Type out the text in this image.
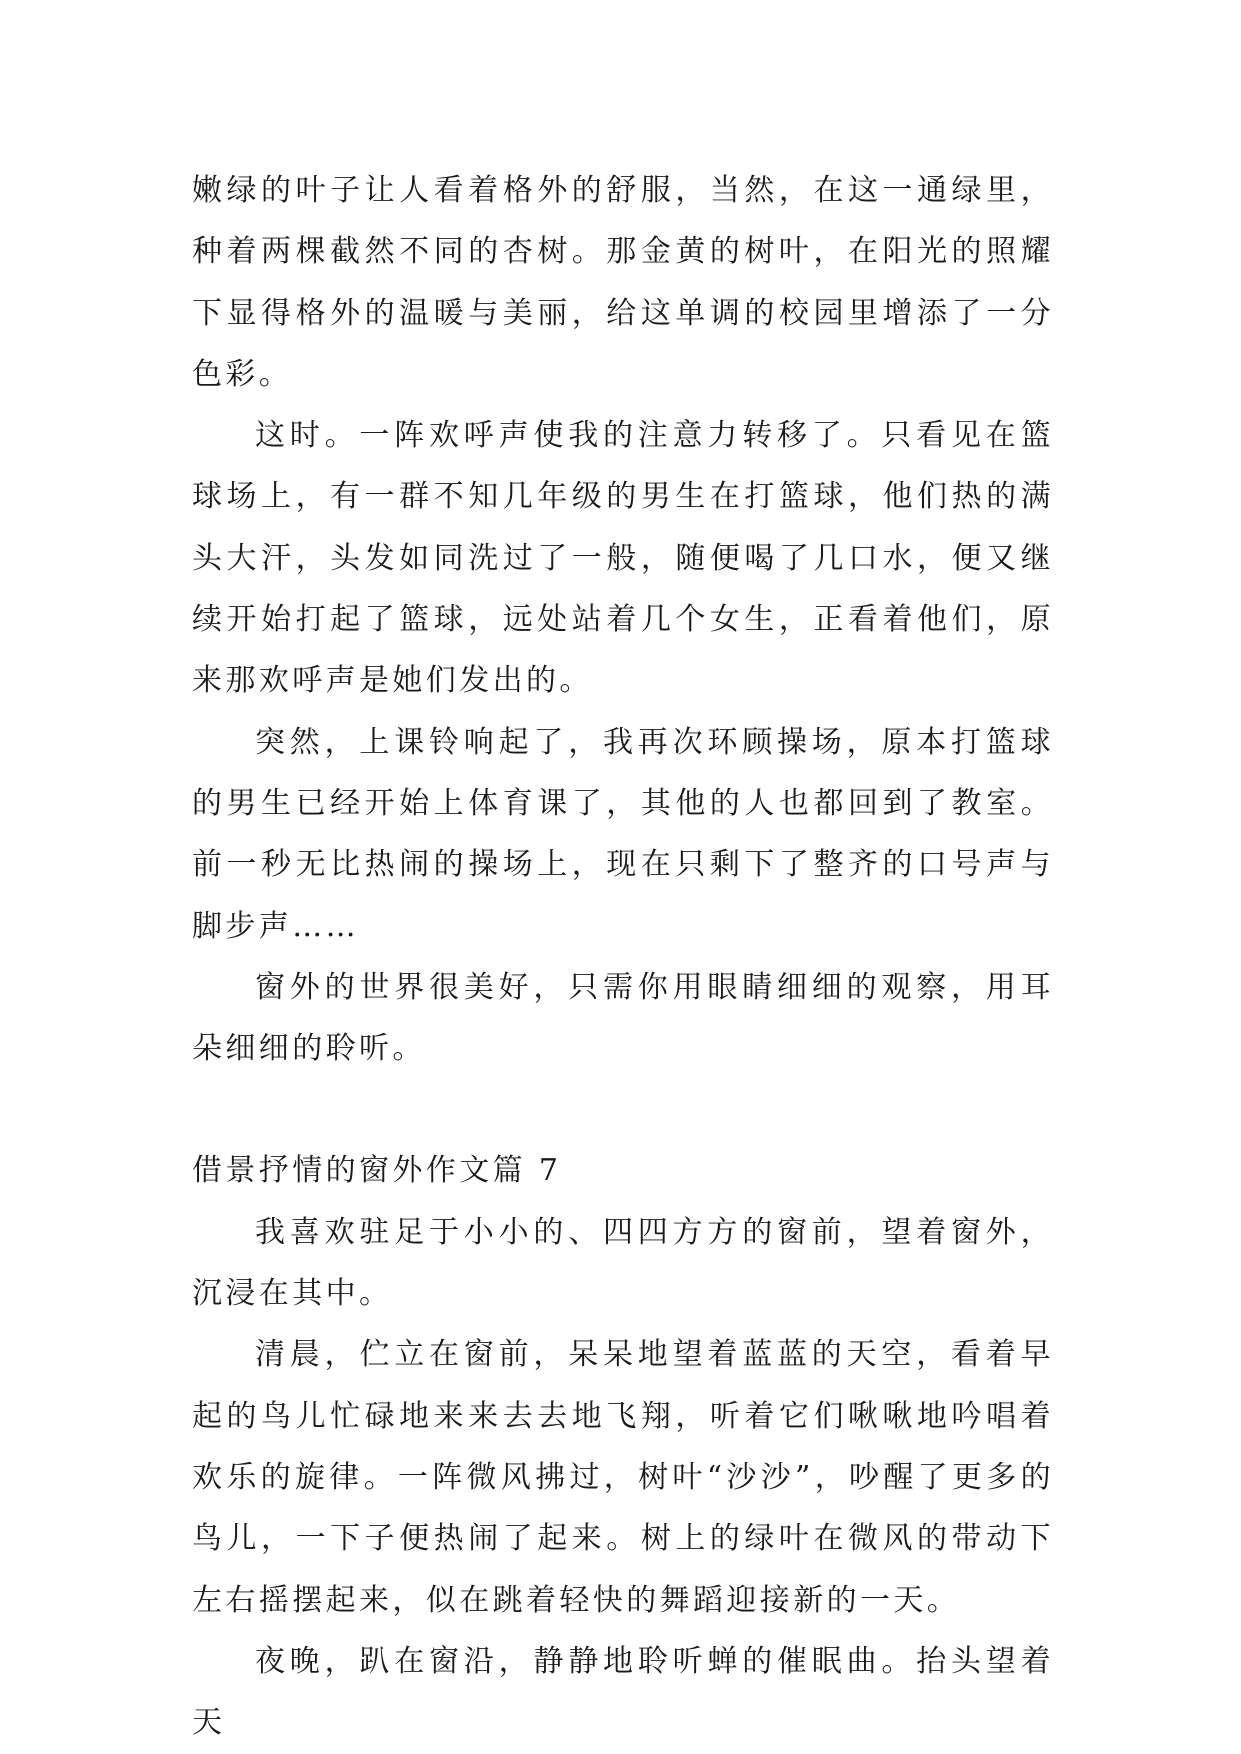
嫩绿的叶子让人看着格外的舒服，当然，在这一通绿里，种着两棵截然不同的杏树。那金黄的树叶，在阳光的照耀下显得格外的温暖与美丽，给这单调的校园里增添了一分色彩。

这时。一阵欢呼声使我的注意力转移了。只看见在篮球场上，有一群不知几年级的男生在打篮球，他们热的满头大汗，头发如同洗过了一般，随便喝了几口水，便又继续开始打起了篮球，远处站着几个女生，正看着他们，原来那欢呼声是她们发出的。

突然，上课铃响起了，我再次环顾操场，原本打篮球的男生已经开始上体育课了，其他的人也都回到了教室。前一秒无比热闹的操场上，现在只剩下了整齐的口号声与脚步声……

窗外的世界很美好，只需你用眼睛细细的观察，用耳朵细细的聆听。

借景抒情的窗外作文篇 7

我喜欢驻足于小小的、四四方方的窗前，望着窗外，沉浸在其中。

清晨，伫立在窗前，呆呆地望着蓝蓝的天空，看着早起的鸟儿忙碌地来来去去地飞翔，听着它们啾啾地吟唱着欢乐的旋律。一阵微风拂过，树叶“沙沙”，吵醒了更多的鸟儿，一下子便热闹了起来。树上的绿叶在微风的带动下左右摇摆起来，似在跳着轻快的舞蹈迎接新的一天。

夜晚，趴在窗沿，静静地聆听蝉的催眠曲。抬头望着天
